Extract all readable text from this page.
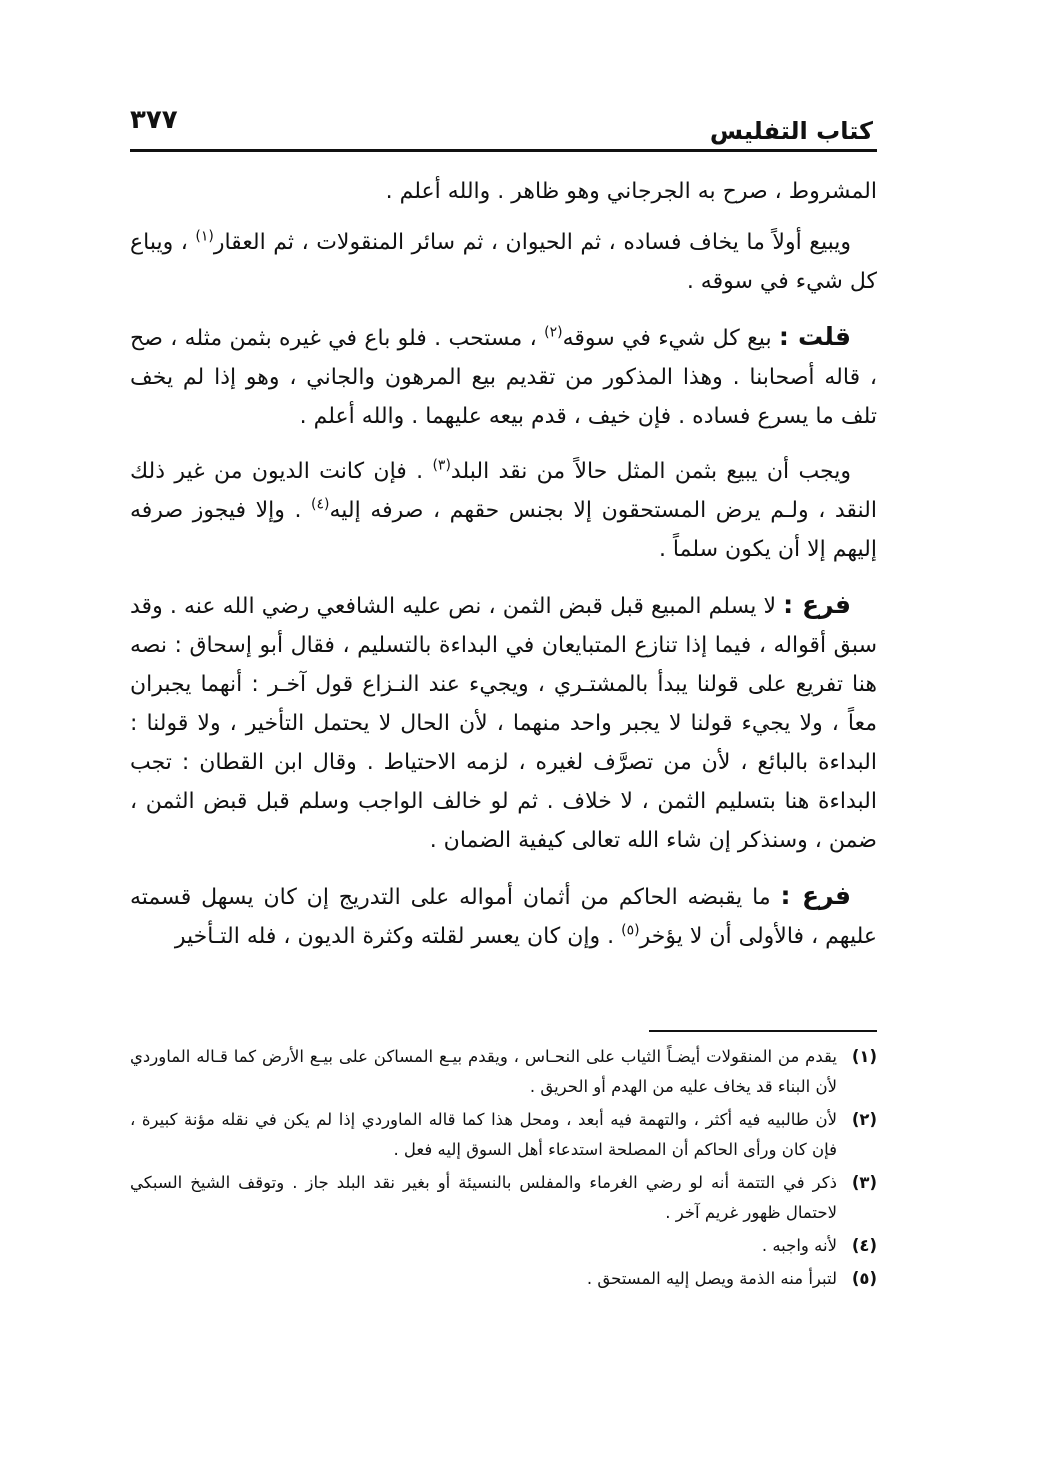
كتاب التفليس
٣٧٧

المشروط ، صرح به الجرجاني وهو ظاهر . والله أعلم .

ويبيع أولاً ما يخاف فساده ، ثم الحيوان ، ثم سائر المنقولات ، ثم العقار$^{(١)}$ ، ويباع كل شيء في سوقه .

قلت : بيع كل شيء في سوقه$^{(٢)}$ ، مستحب . فلو باع في غيره بثمن مثله ، صح ، قاله أصحابنا . وهذا المذكور من تقديم بيع المرهون والجاني ، وهو إذا لم يخف تلف ما يسرع فساده . فإن خيف ، قدم بيعه عليهما . والله أعلم .

ويجب أن يبيع بثمن المثل حالاً من نقد البلد$^{(٣)}$ . فإن كانت الديون من غير ذلك النقد ، ولـم يرض المستحقون إلا بجنس حقهم ، صرفه إليه$^{(٤)}$ . وإلا فيجوز صرفه إليهم إلا أن يكون سلماً .

فرع : لا يسلم المبيع قبل قبض الثمن ، نص عليه الشافعي رضي الله عنه . وقد سبق أقواله ، فيما إذا تنازع المتبايعان في البداءة بالتسليم ، فقال أبو إسحاق : نصه هنا تفريع على قولنا يبدأ بالمشتـري ، ويجيء عند النـزاع قول آخـر : أنهما يجبران معاً ، ولا يجيء قولنا لا يجبر واحد منهما ، لأن الحال لا يحتمل التأخير ، ولا قولنا : البداءة بالبائع ، لأن من تصرَّف لغيره ، لزمه الاحتياط . وقال ابن القطان : تجب البداءة هنا بتسليم الثمن ، لا خلاف . ثم لو خالف الواجب وسلم قبل قبض الثمن ، ضمن ، وسنذكر إن شاء الله تعالى كيفية الضمان .

فرع : ما يقبضه الحاكم من أثمان أمواله على التدريج إن كان يسهل قسمته عليهم ، فالأولى أن لا يؤخر$^{(٥)}$ . وإن كان يعسر لقلته وكثرة الديون ، فله التـأخير

(١)
يقدم من المنقولات أيضـاً الثياب على النحـاس ، ويقدم بيـع المساكن على بيـع الأرض كما قـاله الماوردي لأن البناء قد يخاف عليه من الهدم أو الحريق .
(٢)
لأن طالبيه فيه أكثر ، والتهمة فيه أبعد ، ومحل هذا كما قاله الماوردي إذا لم يكن في نقله مؤنة كبيرة ، فإن كان ورأى الحاكم أن المصلحة استدعاء أهل السوق إليه فعل .
(٣)
ذكر في التتمة أنه لو رضي الغرماء والمفلس بالنسيئة أو بغير نقد البلد جاز . وتوقف الشيخ السبكي لاحتمال ظهور غريم آخر .
(٤)
لأنه واجبه .
(٥)
لتبرأ منه الذمة ويصل إليه المستحق .
